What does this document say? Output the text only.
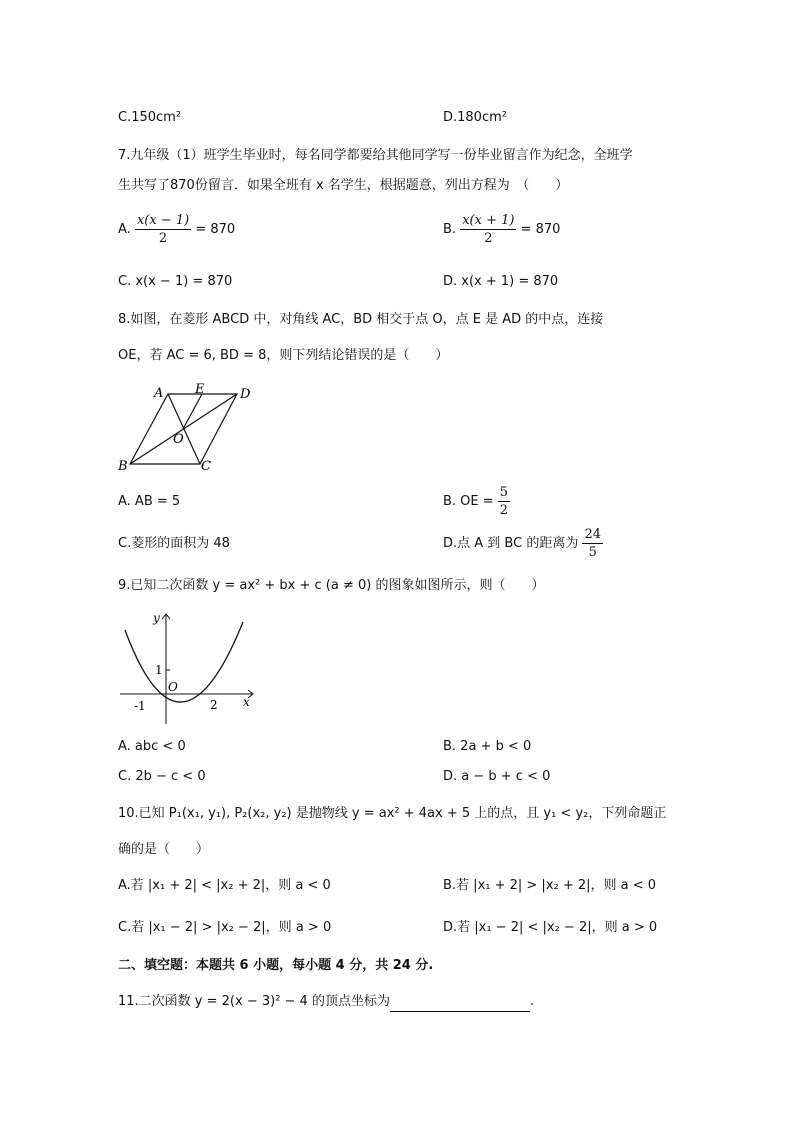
C.150cm²	D.180cm²
7.九年级（1）班学生毕业时，每名同学都要给其他同学写一份毕业留言作为纪念，全班学
生共写了870份留言．如果全班有 x 名学生，根据题意，列出方程为　（　　）
A. $\frac{x(x - 1)}{2} = 870$	B. $\frac{x(x + 1)}{2} = 870$
C. x(x − 1) = 870	D. x(x + 1) = 870
8.如图，在菱形 ABCD 中，对角线 AC，BD 相交于点 O，点 E 是 AD 的中点，连接
OE，若 AC = 6, BD = 8，则下列结论错误的是（　　）
A E	D
O
B	C
A. AB = 5	B. OE = $\frac{5}{2}$
C.菱形的面积为 48	D.点 A 到 BC 的距离为 $\frac{24}{5}$
9.已知二次函数 y = ax² + bx + c (a ≠ 0) 的图象如图所示，则（　　）
y
x
1
O
-1	2
A. abc < 0	B. 2a + b < 0
C. 2b − c < 0	D. a − b + c < 0
10.已知 P₁(x₁, y₁), P₂(x₂, y₂) 是抛物线 y = ax² + 4ax + 5 上的点，且 y₁ < y₂，下列命题正
确的是（　　）
A.若 |x₁ + 2| < |x₂ + 2|，则 a < 0	B.若 |x₁ + 2| > |x₂ + 2|，则 a < 0
C.若 |x₁ − 2| > |x₂ − 2|，则 a > 0	D.若 |x₁ − 2| < |x₂ − 2|，则 a > 0
二、填空题：本题共 6 小题，每小题 4 分，共 24 分.
11.二次函数 y = 2(x − 3)² − 4 的顶点坐标为	.
